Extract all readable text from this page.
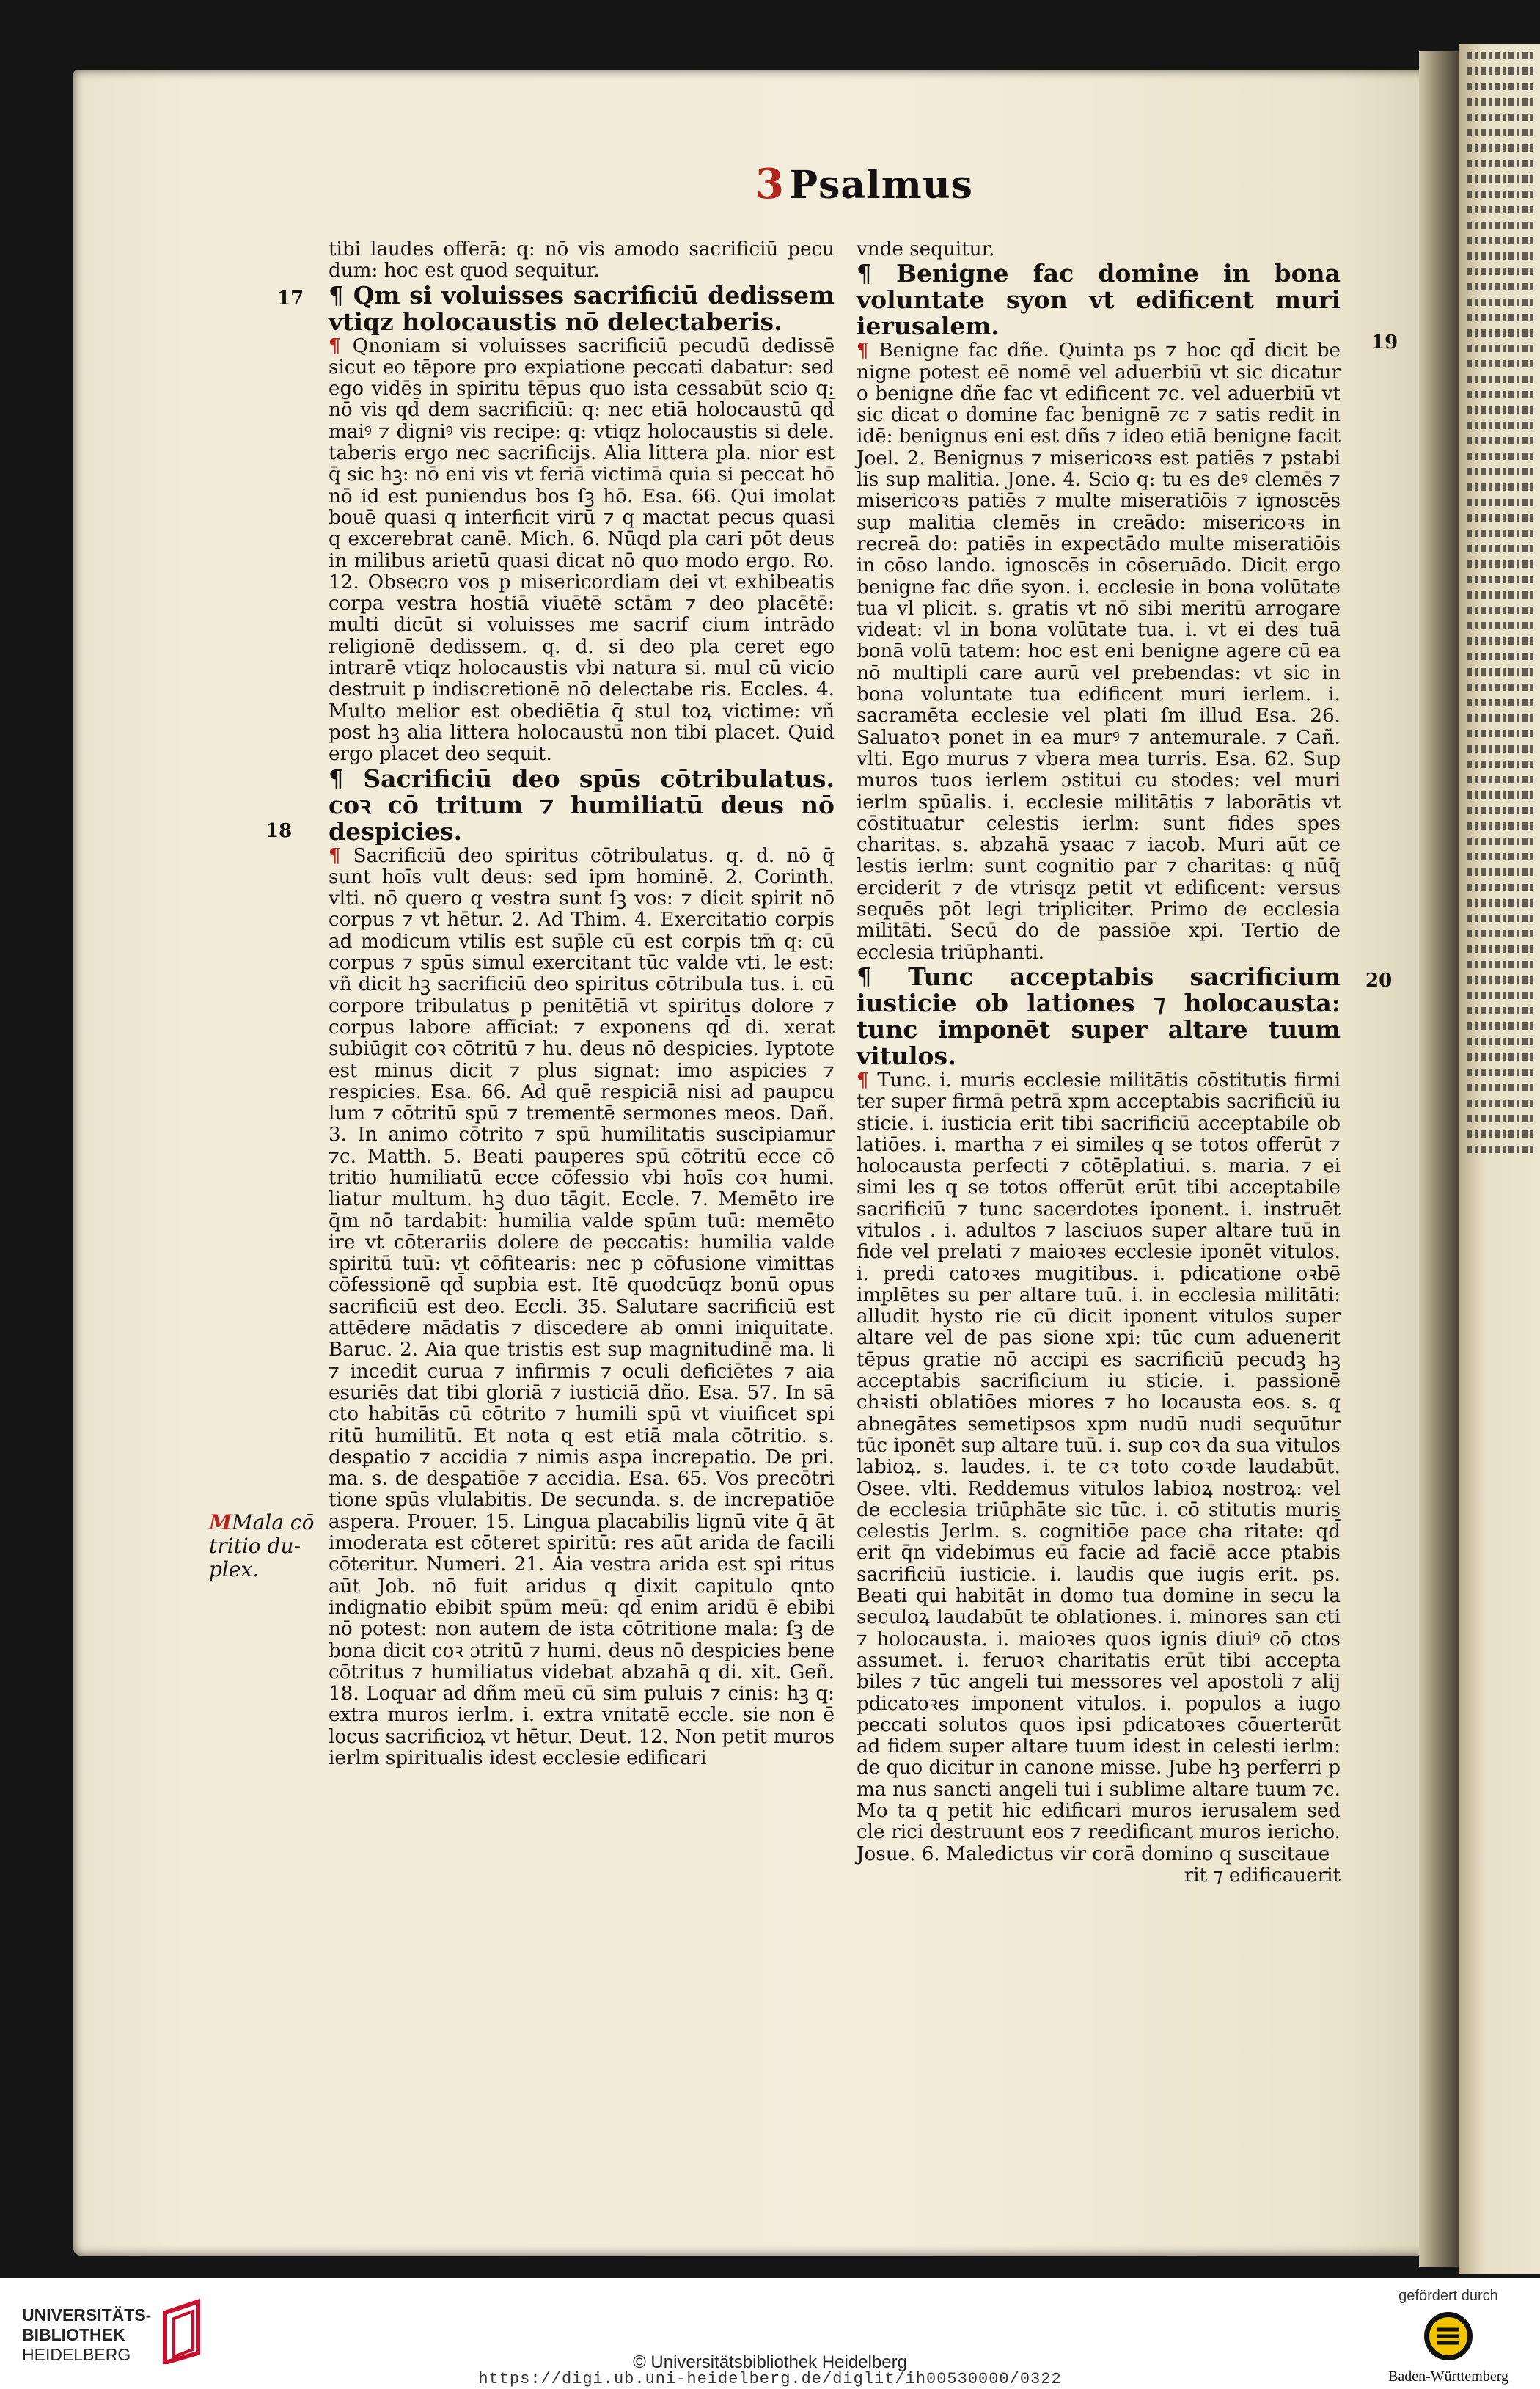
3 Psalmus
17
18
19
20
MMala cō
tritio du-
plex.

tibi laudes offerā: q: nō vis amodo sacrificiū pecu dum: hoc est quod sequitur.

¶ Qm si voluisses sacrificiū dedissem vtiqz holocaustis nō delectaberis.

¶ Qnoniam si voluisses sacrificiū pecudū dedissē sicut eo tēpore pro expiatione peccati dabatur: sed ego vidēs in spiritu tēpus quo ista cessabūt scio q: nō vis qd̄ dem sacrificiū: q: nec etiā holocaustū qd̄ maiꝰ ⁊ digniꝰ vis recipe: q: vtiqz holocaustis si dele. taberis ergo nec sacrificijs. Alia littera pla. nior est q̄ sic hꝫ: nō eni vis vt feriā victimā quia si peccat hō nō id est puniendus bos ſꝫ hō. Esa. 66. Qui imolat bouē quasi q interficit virū ⁊ q mactat pecus quasi q excerebrat canē. Mich. 6. Nūqd pla cari pōt deus in milibus arietū quasi dicat nō quo modo ergo. Ro. 12. Obsecro vos p misericordiam dei vt exhibeatis corpa vestra hostiā viuētē sctām ⁊ deo placētē: multi dicūt si voluisses me sacrif cium intrādo religionē dedissem. q. d. si deo pla ceret ego intrarē vtiqz holocaustis vbi natura si. mul cū vicio destruit p indiscretionē nō delectabe ris. Eccles. 4. Multo melior est obediētia q̄ stul toꝝ victime: vñ post hꝫ alia littera holocaustū non tibi placet. Quid ergo placet deo sequit.

¶ Sacrificiū deo spūs cōtribulatus. coꝛ cō tritum ⁊ humiliatū deus nō despicies.

¶ Sacrificiū deo spiritus cōtribulatus. q. d. nō q̄ sunt hoīs vult deus: sed ipm hominē. 2. Corinth. vlti. nō quero q vestra sunt ſꝫ vos: ⁊ dicit spirit nō corpus ⁊ vt hētur. 2. Ad Thim. 4. Exercitatio corpis ad modicum vtilis est sup̄le cū est corpis tm̄ q: cū corpus ⁊ spūs simul exercitant tūc valde vti. le est: vñ dicit hꝫ sacrificiū deo spiritus cōtribula tus. i. cū corpore tribulatus p penitētiā vt spiritus dolore ⁊ corpus labore affīciat: ⁊ exponens qd̄ di. xerat subiūgit coꝛ cōtritū ⁊ hu. deus nō despicies. Iyptote est minus dicit ⁊ plus signat: imo aspicies ⁊ respicies. Esa. 66. Ad quē respiciā nisi ad paupcu lum ⁊ cōtritū spū ⁊ trementē sermones meos. Dañ. 3. In animo cōtrito ⁊ spū humilitatis suscipiamur ⁊c. Matth. 5. Beati pauperes spū cōtritū ecce cō tritio humiliatū ecce cōfessio vbi hoīs coꝛ humi. liatur multum. hꝫ duo tāgit. Eccle. 7. Memēto ire q̄m nō tardabit: humilia valde spūm tuū: memēto ire vt cōterariis dolere de peccatis: humilia valde spiritū tuū: vt cōfitearis: nec p cōfusione vimittas cōfessionē qd̄ supbia est. Itē quodcūqz bonū opus sacrificiū est deo. Eccli. 35. Salutare sacrificiū est attēdere mādatis ⁊ discedere ab omni iniquitate. Baruc. 2. Aia que tristis est sup magnitudinē ma. li ⁊ incedit curua ⁊ infirmis ⁊ oculi deficiētes ⁊ aia esuriēs dat tibi gloriā ⁊ iusticiā dño. Esa. 57. In sā cto habitās cū cōtrito ⁊ humili spū vt viuificet spi ritū humilitū. Et nota q est etiā mala cōtritio. s. desꝑatio ⁊ accidia ⁊ nimis aspa increpatio. De pri. ma. s. de desꝑatiōe ⁊ accidia. Esa. 65. Vos precōtri tione spūs vlulabitis. De secunda. s. de increpatiōe aspera. Prouer. 15. Lingua placabilis lignū vite q̄ āt imoderata est cōteret spiritū: res aūt arida de facili cōteritur. Numeri. 21. Aia vestra arida est spi ritus aūt Job. nō fuit aridus q dixit capitulo qnto indignatio ebibit spūm meū: qd̄ enim aridū ē ebibi nō potest: non autem de ista cōtritione mala: ſꝫ de bona dicit coꝛ ɔtritū ⁊ humi. deus nō despicies bene cōtritus ⁊ humiliatus videbat abzahā q di. xit. Geñ. 18. Loquar ad dñm meū cū sim puluis ⁊ cinis: hꝫ q: extra muros ierlm. i. extra vnitatē eccle. sie non ē locus sacrificioꝝ vt hētur. Deut. 12. Non petit muros ierlm spiritualis idest ecclesie edificari

vnde sequitur.

¶ Benigne fac domine in bona voluntate syon vt edificent muri ierusalem.

¶ Benigne fac dñe. Quinta ps ⁊ hoc qd̄ dicit be nigne potest eē nomē vel aduerbiū vt sic dicatur o benigne dñe fac vt edificent ⁊c. vel aduerbiū vt sic dicat o domine fac benignē ⁊c ⁊ satis redit in idē: benignus eni est dñs ⁊ ideo etiā benigne facit Joel. 2. Benignus ⁊ misericoꝛs est patiēs ⁊ pstabi lis sup malitia. Jone. 4. Scio q: tu es deꝰ clemēs ⁊ misericoꝛs patiēs ⁊ multe miseratiōis ⁊ ignoscēs sup malitia clemēs in creādo: misericoꝛs in recreā do: patiēs in expectādo multe miseratiōis in cōso lando. ignoscēs in cōseruādo. Dicit ergo benigne fac dñe syon. i. ecclesie in bona volūtate tua vl plicit. s. gratis vt nō sibi meritū arrogare videat: vl in bona volūtate tua. i. vt ei des tuā bonā volū tatem: hoc est eni benigne agere cū ea nō multipli care aurū vel prebendas: vt sic in bona voluntate tua edificent muri ierlem. i. sacramēta ecclesie vel plati ſm illud Esa. 26. Saluatoꝛ ponet in ea murꝰ ⁊ antemurale. ⁊ Cañ. vlti. Ego murus ⁊ vbera mea turris. Esa. 62. Sup muros tuos ierlem ɔstitui cu stodes: vel muri ierlm spūalis. i. ecclesie militātis ⁊ laborātis vt cōstituatur celestis ierlm: sunt fides spes charitas. s. abzahā ysaac ⁊ iacob. Muri aūt ce lestis ierlm: sunt cognitio par ⁊ charitas: q nūq̄ erciderit ⁊ de vtrisqz petit vt edificent: versus sequēs pōt legi tripliciter. Primo de ecclesia militāti. Secū do de passiōe xpi. Tertio de ecclesia triūphanti.

¶ Tunc acceptabis sacrificium iusticie ob lationes ⁊ holocausta: tunc imponēt super altare tuum vitulos.

¶ Tunc. i. muris ecclesie militātis cōstitutis firmi ter super firmā petrā xpm acceptabis sacrificiū iu sticie. i. iusticia erit tibi sacrificiū acceptabile ob latiōes. i. martha ⁊ ei similes q se totos offerūt ⁊ holocausta perfecti ⁊ cōtēplatiui. s. maria. ⁊ ei simi les q se totos offerūt erūt tibi acceptabile sacrificiū ⁊ tunc sacerdotes iponent. i. instruēt vitulos . i. adultos ⁊ lasciuos super altare tuū in fide vel prelati ⁊ maioꝛes ecclesie iponēt vitulos. i. predi catoꝛes mugitibus. i. pdicatione oꝛbē implētes su per altare tuū. i. in ecclesia militāti: alludit hysto rie cū dicit iponent vitulos super altare vel de pas sione xpi: tūc cum aduenerit tēpus gratie nō accipi es sacrificiū pecudꝫ hꝫ acceptabis sacrificium iu sticie. i. passionē chꝛisti oblatiōes miores ⁊ ho locausta eos. s. q abnegātes semetipsos xpm nudū nudi sequūtur tūc iponēt sup altare tuū. i. sup coꝛ da sua vitulos labioꝝ. s. laudes. i. te cꝛ toto coꝛde laudabūt. Osee. vlti. Reddemus vitulos labioꝝ nostroꝝ: vel de ecclesia triūphāte sic tūc. i. cō stitutis muris celestis Jerlm. s. cognitiōe pace cha ritate: qd̄ erit q̄n videbimus eū facie ad faciē acce ptabis sacrificiū iusticie. i. laudis que iugis erit. ps. Beati qui habitāt in domo tua domine in secu la seculoꝝ laudabūt te oblationes. i. minores san cti ⁊ holocausta. i. maioꝛes quos ignis diuiꝰ cō ctos assumet. i. feruoꝛ charitatis erūt tibi accepta biles ⁊ tūc angeli tui messores vel apostoli ⁊ alij pdicatoꝛes imponent vitulos. i. populos a iugo peccati solutos quos ipsi pdicatoꝛes cōuerterūt ad fidem super altare tuum idest in celesti ierlm: de quo dicitur in canone misse. Jube hꝫ perferri p ma nus sancti angeli tui i sublime altare tuum ⁊c. Mo ta q petit hic edificari muros ierusalem sed cle rici destruunt eos ⁊ reedificant muros iericho. Josue. 6. Maledictus vir corā domino q suscitaue

rit ⁊ edificauerit

UNIVERSITÄTS-
BIBLIOTHEK
HEIDELBERG	© Universitätsbibliothek Heidelberg
https://digi.ub.uni-heidelberg.de/diglit/ih00530000/0322
gefördert durch
Baden-Württemberg
